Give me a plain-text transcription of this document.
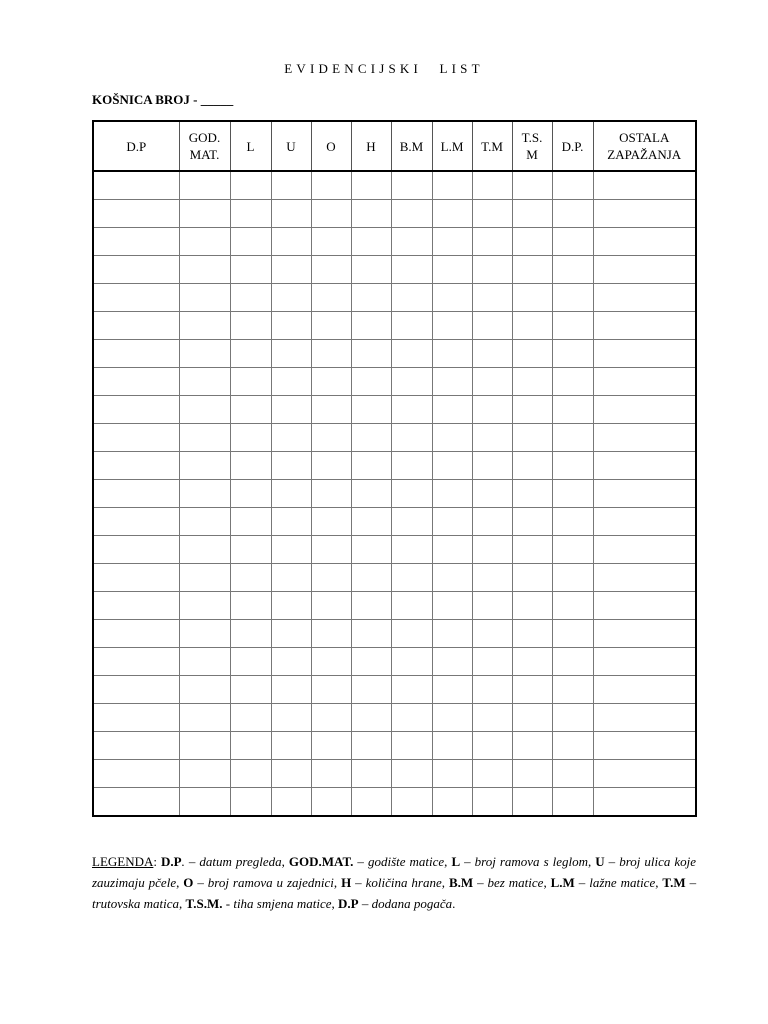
EVIDENCIJSKI LIST
KOŠNICA BROJ - _____
D.P	GOD. MAT.	L	U	O	H	B.M	L.M	T.M	T.S. M	D.P.	OSTALA ZAPAŽANJA

LEGENDA: D.P. – datum pregleda, GOD.MAT. – godište matice, L – broj ramova s leglom, U – broj ulica koje zauzimaju pčele, O – broj ramova u zajednici, H – količina hrane, B.M – bez matice, L.M – lažne matice, T.M – trutovska matica, T.S.M. - tiha smjena matice, D.P – dodana pogača.
